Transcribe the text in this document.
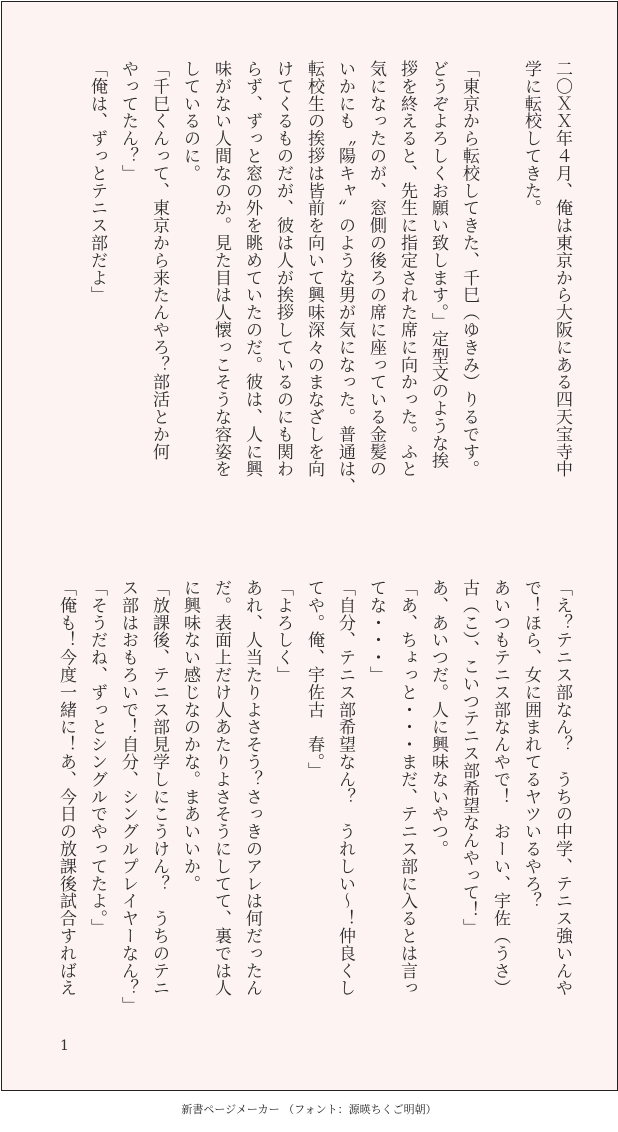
二〇ＸＸ年４月、俺は東京から大阪にある四天宝寺中

学に転校してきた。

「東京から転校してきた、千巳（ゆきみ）りるです。

どうぞよろしくお願い致します。」定型文のような挨

拶を終えると、先生に指定された席に向かった。ふと

気になったのが、窓側の後ろの席に座っている金髪の

いかにも〝陽キャ〟のような男が気になった。普通は、

転校生の挨拶は皆前を向いて興味深々のまなざしを向

けてくるものだが、彼は人が挨拶しているのにも関わ

らず、ずっと窓の外を眺めていたのだ。彼は、人に興

味がない人間なのか。見た目は人懐っこそうな容姿を

しているのに。

「千巳くんって、東京から来たんやろ？部活とか何

やってたん？」

「俺は、ずっとテニス部だよ」

「え？テニス部なん？　うちの中学、テニス強いんや

で！ほら、女に囲まれてるヤツいるやろ？

あいつもテニス部なんやで！　おーい、宇佐（うさ）

古（こ）、こいつテニス部希望なんやって！」

あ、あいつだ。人に興味ないやつ。

「あ、ちょっと・・・まだ、テニス部に入るとは言っ

てな・・・」

「自分、テニス部希望なん？　うれしい～！仲良くし

てや。俺、宇佐古　春。」

「よろしく」

あれ、人当たりよさそう？さっきのアレは何だったん

だ。表面上だけ人あたりよさそうにしてて、裏では人

に興味ない感じなのかな。まあいいか。

「放課後、テニス部見学しにこうけん？　うちのテニ

ス部はおもろいで！自分、シングルプレイヤーなん？」

「そうだね、ずっとシングルでやってたよ。」

「俺も！今度一緒に！あ、今日の放課後試合すればえ

1
新書ページメーカー （フォント：源暎ちくご明朝）
